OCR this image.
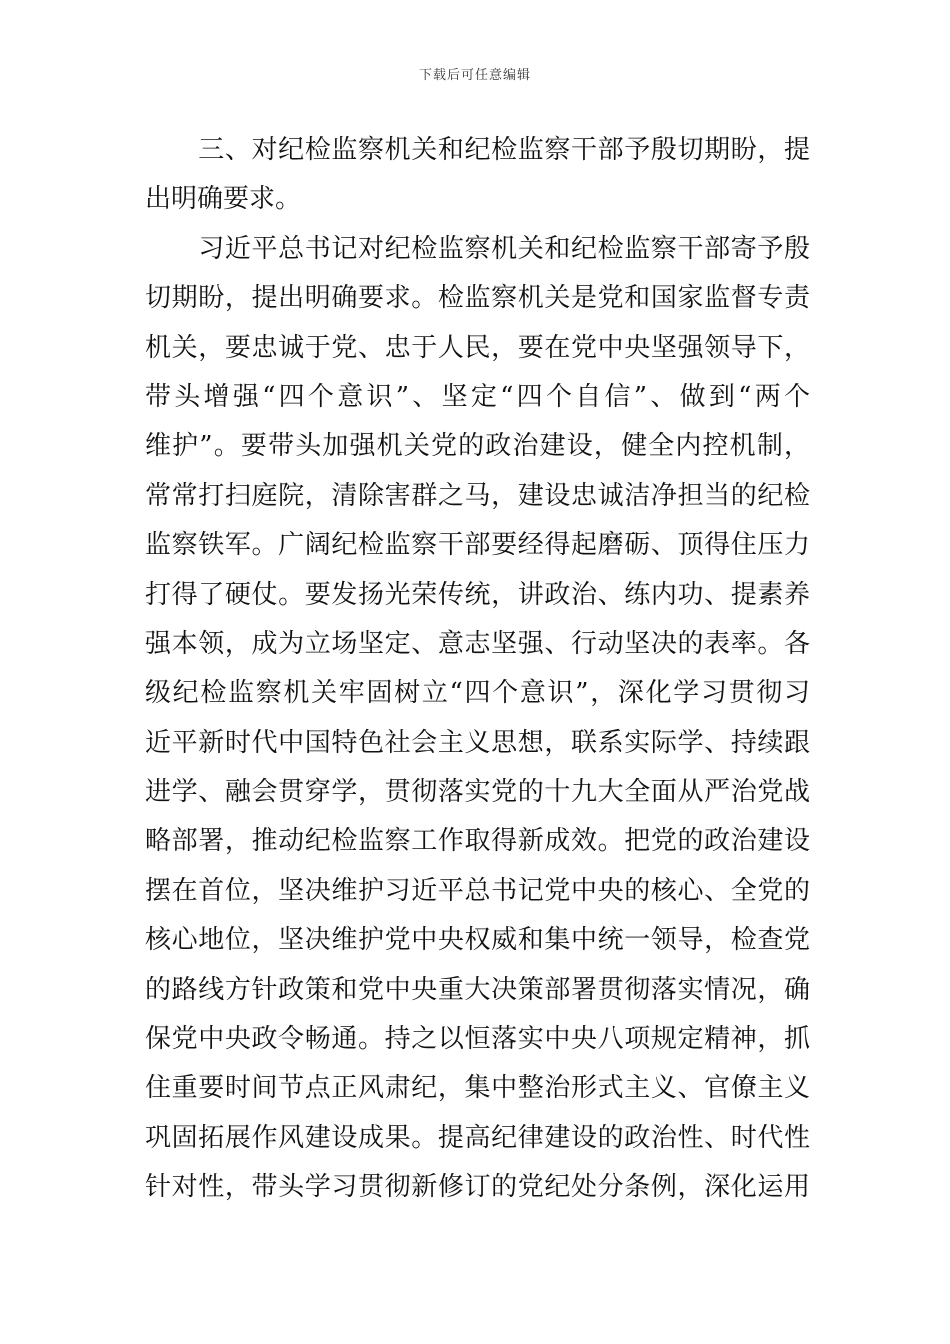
下载后可任意编辑
　　三、对纪检监察机关和纪检监察干部予殷切期盼，提
出明确要求。
　　习近平总书记对纪检监察机关和纪检监察干部寄予殷
切期盼，提出明确要求。检监察机关是党和国家监督专责
机关，要忠诚于党、忠于人民，要在党中央坚强领导下，
带头增强“四个意识”、坚定“四个自信”、做到“两个
维护”。要带头加强机关党的政治建设，健全内控机制，
常常打扫庭院，清除害群之马，建设忠诚洁净担当的纪检
监察铁军。广阔纪检监察干部要经得起磨砺、顶得住压力
打得了硬仗。要发扬光荣传统，讲政治、练内功、提素养
强本领，成为立场坚定、意志坚强、行动坚决的表率。各
级纪检监察机关牢固树立“四个意识”，深化学习贯彻习
近平新时代中国特色社会主义思想，联系实际学、持续跟
进学、融会贯穿学，贯彻落实党的十九大全面从严治党战
略部署，推动纪检监察工作取得新成效。把党的政治建设
摆在首位，坚决维护习近平总书记党中央的核心、全党的
核心地位，坚决维护党中央权威和集中统一领导，检查党
的路线方针政策和党中央重大决策部署贯彻落实情况，确
保党中央政令畅通。持之以恒落实中央八项规定精神，抓
住重要时间节点正风肃纪，集中整治形式主义、官僚主义
巩固拓展作风建设成果。提高纪律建设的政治性、时代性
针对性，带头学习贯彻新修订的党纪处分条例，深化运用
